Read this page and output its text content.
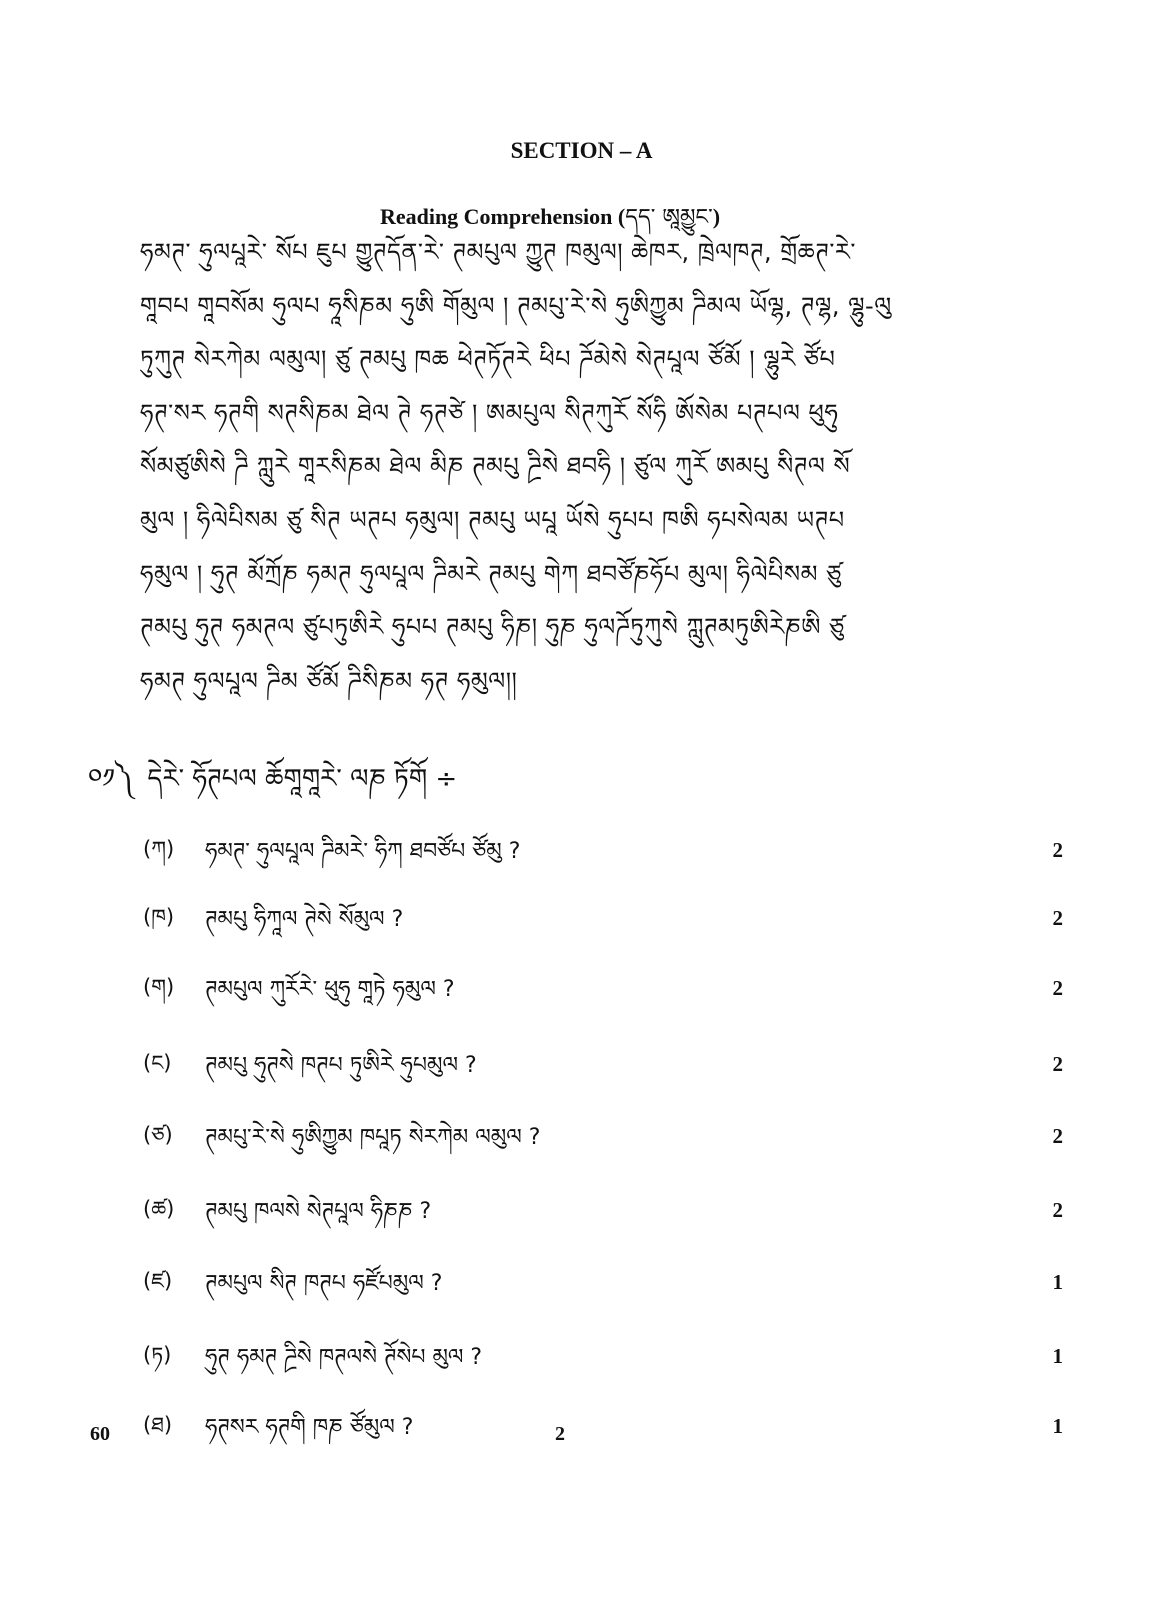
SECTION – A
Reading Comprehension (དད་ ཨཱམྱུང་)
ཧམཊ་ ཧུལཔཱརེ་ སོཔ ཇུཔ གྱུཊདོན་རེ་ ཊམཔུལ ཀྱུཊ ཁམུལ། ཆེཁར, ཁྲེལཁཊ, གྲོཆཊ་རེ་
གཱབཔ གཱབསོམ ཧུལཔ ཧཱསིཎམ ཧུཨི གོམུལ ། ཊམཔུ་རེ་སེ ཧུཨིཀྱུམ ཌིམལ ཡོལྷ, ཊལྷ, ལྷུ-ལུ
ཏུཀུཊ སེརཀེམ ལམུལ། ཙུ ཊམཔུ ཁཆ ཕེཊཏོཊརེ ཕིཔ ཌོམེསེ སེཊཔཱལ ཙོམོ ། ལྷུརེ ཙོཔ
ཧཊ་སར ཧཊགི སཊསིཎམ ཐེལ ཊེ ཧཊཙེ ། ཨམཔུལ སིཊཀུརོ སོཧི ཨོསེམ པཊཔལ ཕུཧུ
སོམཙུཨིསེ ཌི ཀླུརེ གཱརསིཎམ ཐེལ མིཎ ཊམཔུ ཌྲིསེ ཐབཧི ། ཙུལ ཀུརོ ཨམཔུ སིཊལ སོ
མུལ ། ཧིལེཔིསམ ཙུ སིཊ ཡཊཔ ཧམུལ། ཊམཔུ ཡཔཱ ཡོསེ ཧུཔཔ ཁཨི ཧཔསེལམ ཡཊཔ
ཧམུལ ། ཧུཊ མོཀྲོཎ ཧམཊ ཧུལཔཱལ ཌིམརེ ཊམཔུ གེཀ ཐབཙོཎཧོཔ མུལ། ཧིལེཔིསམ ཙུ
ཊམཔུ ཧུཊ ཧམཊལ ཙུཔཏུཨིརེ ཧུཔཔ ཊམཔུ ཧིཎ། ཧུཎ ཧུལཌོཏུཀུསེ ཀླུཊམཏུཨིརེཎཨི ཙུ
ཧམཊ ཧུལཔཱལ ཌིམ ཙོམོ ཌིསིཎམ ཧཊ ཧམུལ།།
༠༡༽ དེརེ་ ཧོཊཔལ ཆོགཱགཱརེ་ ལཎ ཏོགོ ÷
(ཀ) ཧམཊ་ ཧུལཔཱལ ཌིམརེ་ ཧིཀ ཐབཙོཔ ཙོམུ ?	2
(ཁ) ཊམཔུ ཧིཀཱལ ཊེསེ སོམུལ ?	2
(ག) ཊམཔུལ ཀུརོརེ་ ཕུཧུ གཱཏེ ཧམུལ ?	2
(ང) ཊམཔུ ཧུཊསེ ཁཊཔ ཏུཨིརེ ཧུཔམུལ ?	2
(ཙ) ཊམཔུ་རེ་སེ ཧུཨིཀྱུམ ཁཔཱཏ སེརཀེམ ལམུལ ?	2
(ཚ) ཊམཔུ ཁལསེ སེཊཔཱལ ཧིཎཎ ?	2
(ཛ) ཊམཔུལ སིཊ ཁཊཔ ཧཛོཔམུལ ?	1
(ཏ) ཧུཊ ཧམཊ ཌྲིསེ ཁཊལསེ ཊོསེཔ མུལ ?	1
(ཐ) ཧཊསར ཧཊགི ཁཎ ཙོམུལ ?	1
60	2
